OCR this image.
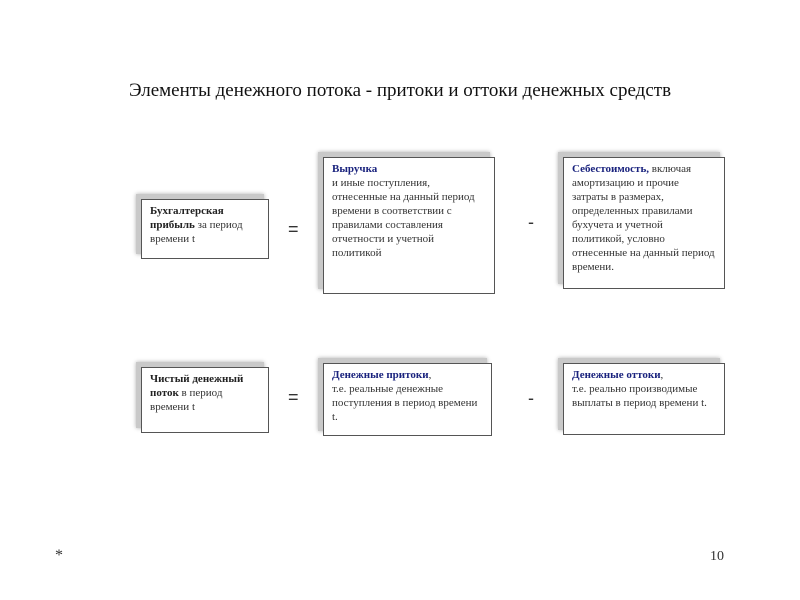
Элементы денежного потока - притоки и оттоки денежных средств
Бухгалтерская прибыль за период времени t	=
Выручка
и иные поступления, отнесенные на данный период времени в соответствии с правилами составления отчетности и учетной политикой
-
Себестоимость, включая амортизацию и прочие затраты в размерах, определенных правилами бухучета и учетной политикой, условно отнесенные на данный период времени.
Чистый денежный поток в период времени t	=
Денежные притоки,
т.е. реальные денежные поступления в период времени t.
-
Денежные оттоки,
т.е. реально производимые выплаты в период времени t.
*	10
